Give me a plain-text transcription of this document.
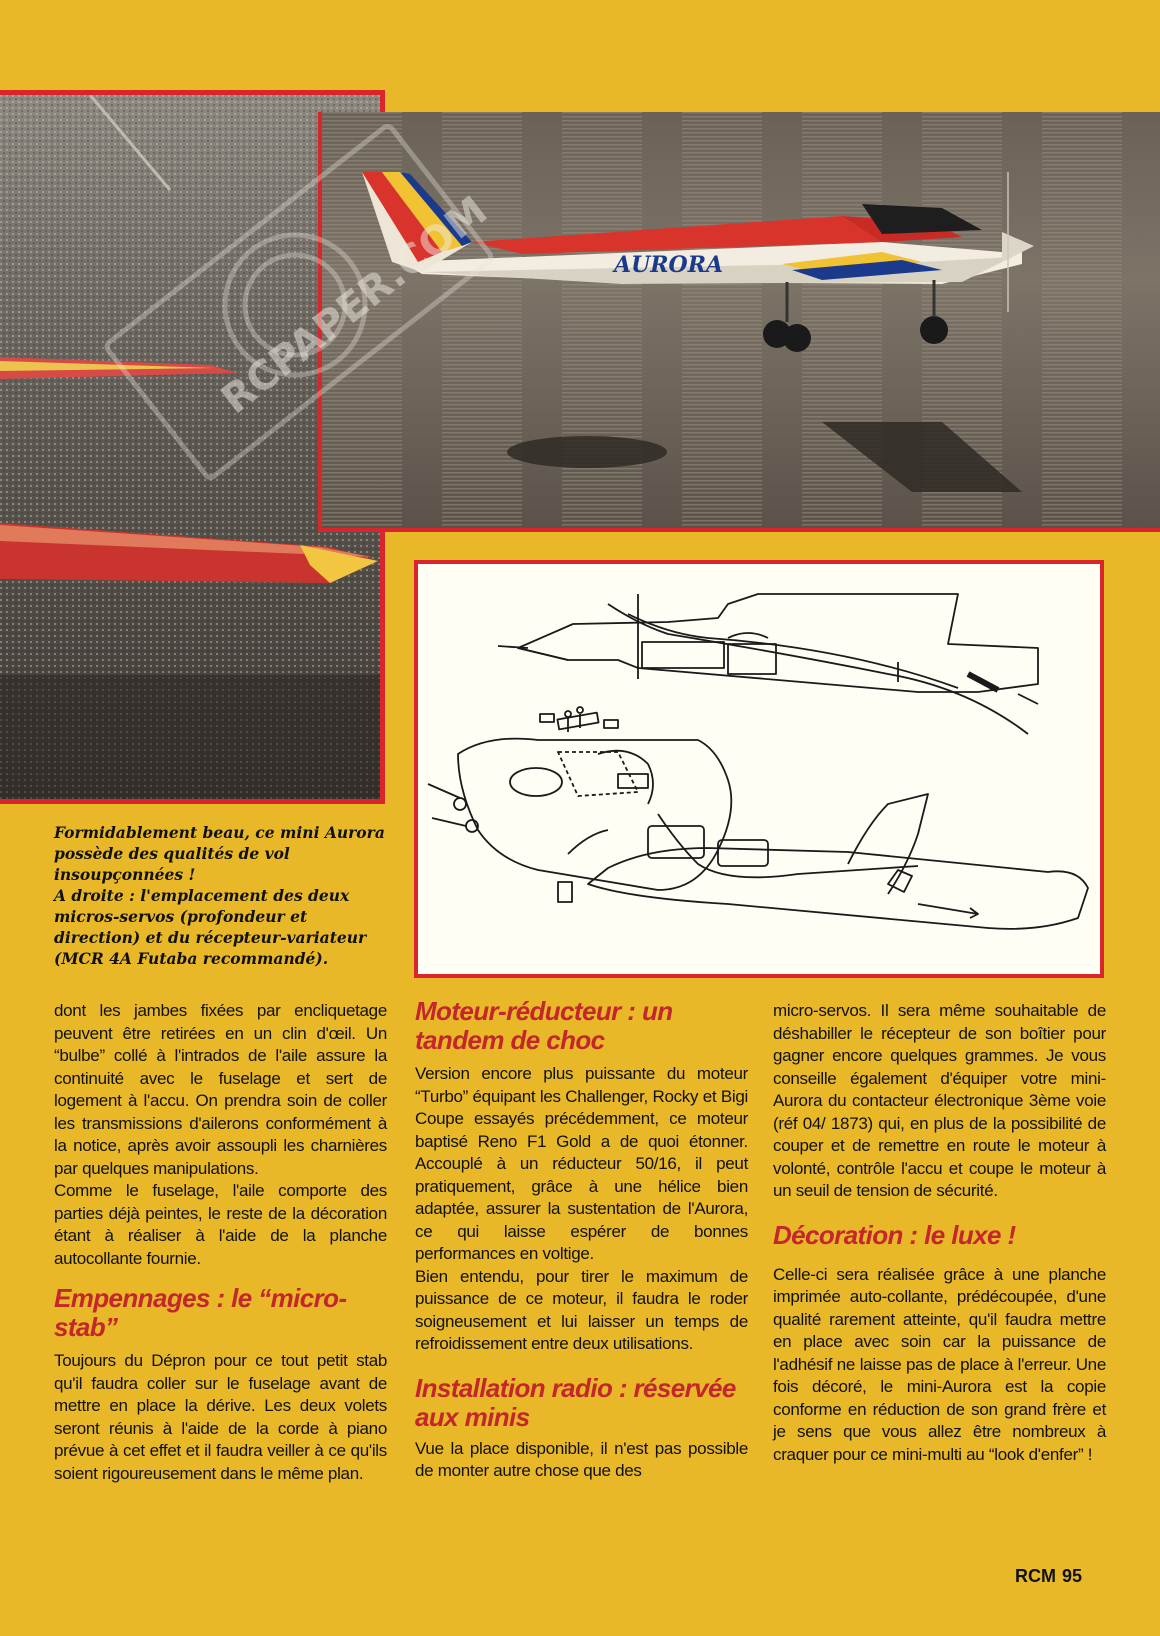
AURORA
RCPAPER.COM

Formidablement beau, ce mini Aurora possède des qualités de vol insoupçonnées !

A droite : l'emplacement des deux micros-servos (profondeur et direction) et du récepteur-variateur (MCR 4A Futaba recommandé).

dont les jambes fixées par encliquetage peuvent être retirées en un clin d'œil. Un “bulbe” collé à l'intrados de l'aile assure la continuité avec le fuselage et sert de logement à l'accu. On prendra soin de coller les transmissions d'ailerons conformément à la notice, après avoir assoupli les charnières par quelques manipulations.

Comme le fuselage, l'aile comporte des parties déjà peintes, le reste de la décoration étant à réaliser à l'aide de la planche autocollante fournie.

Empennages : le “micro-stab”

Toujours du Dépron pour ce tout petit stab qu'il faudra coller sur le fuselage avant de mettre en place la dérive. Les deux volets seront réunis à l'aide de la corde à piano prévue à cet effet et il faudra veiller à ce qu'ils soient rigoureusement dans le même plan.

Moteur-réducteur : un tandem de choc

Version encore plus puissante du moteur “Turbo” équipant les Challenger, Rocky et Bigi Coupe essayés précédemment, ce moteur baptisé Reno F1 Gold a de quoi étonner. Accouplé à un réducteur 50/16, il peut pratiquement, grâce à une hélice bien adaptée, assurer la sustentation de l'Aurora, ce qui laisse espérer de bonnes performances en voltige.

Bien entendu, pour tirer le maximum de puissance de ce moteur, il faudra le roder soigneusement et lui laisser un temps de refroidissement entre deux utilisations.

Installation radio : réservée aux minis

Vue la place disponible, il n'est pas possible de monter autre chose que des

micro-servos. Il sera même souhaitable de déshabiller le récepteur de son boîtier pour gagner encore quelques grammes. Je vous conseille également d'équiper votre mini-Aurora du contacteur électronique 3ème voie (réf 04/ 1873) qui, en plus de la possibilité de couper et de remettre en route le moteur à volonté, contrôle l'accu et coupe le moteur à un seuil de tension de sécurité.

Décoration : le luxe !

Celle-ci sera réalisée grâce à une planche imprimée auto-collante, prédécoupée, d'une qualité rarement atteinte, qu'il faudra mettre en place avec soin car la puissance de l'adhésif ne laisse pas de place à l'erreur. Une fois décoré, le mini-Aurora est la copie conforme en réduction de son grand frère et je sens que vous allez être nombreux à craquer pour ce mini-multi au “look d'enfer” !

RCM 95
